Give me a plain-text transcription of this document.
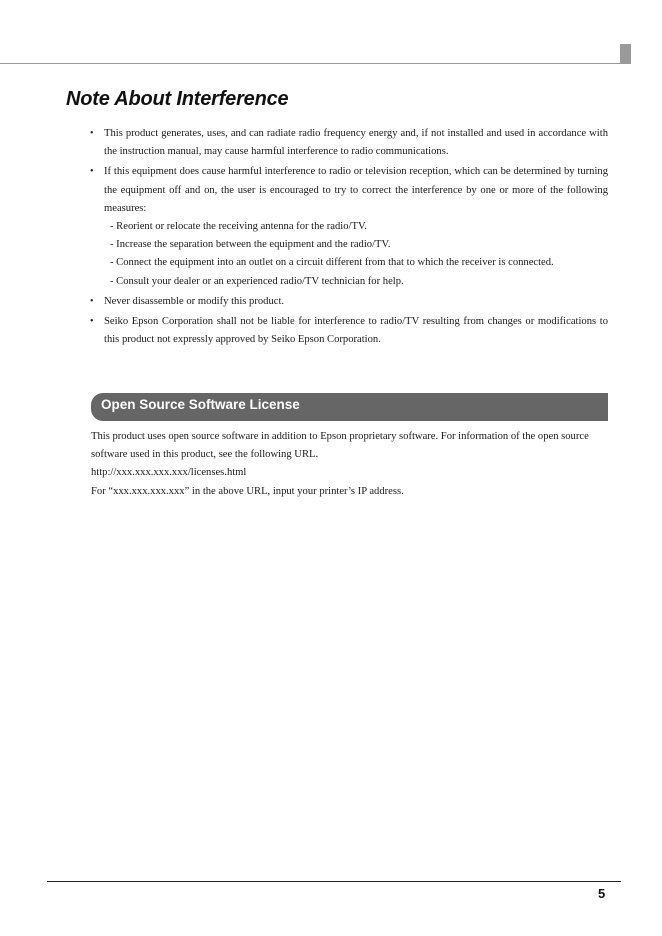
Note About Interference
• This product generates, uses, and can radiate radio frequency energy and, if not installed and used in accordance with the instruction manual, may cause harmful interference to radio communications.
• If this equipment does cause harmful interference to radio or television reception, which can be determined by turning the equipment off and on, the user is encouraged to try to correct the interference by one or more of the following measures:
- Reorient or relocate the receiving antenna for the radio/TV.
- Increase the separation between the equipment and the radio/TV.
- Connect the equipment into an outlet on a circuit different from that to which the receiver is connected.
- Consult your dealer or an experienced radio/TV technician for help.
• Never disassemble or modify this product.
• Seiko Epson Corporation shall not be liable for interference to radio/TV resulting from changes or modifications to this product not expressly approved by Seiko Epson Corporation.
Open Source Software License

This product uses open source software in addition to Epson proprietary software. For information of the open source software used in this product, see the following URL.

http://xxx.xxx.xxx.xxx/licenses.html

For “xxx.xxx.xxx.xxx” in the above URL, input your printer’s IP address.

5
